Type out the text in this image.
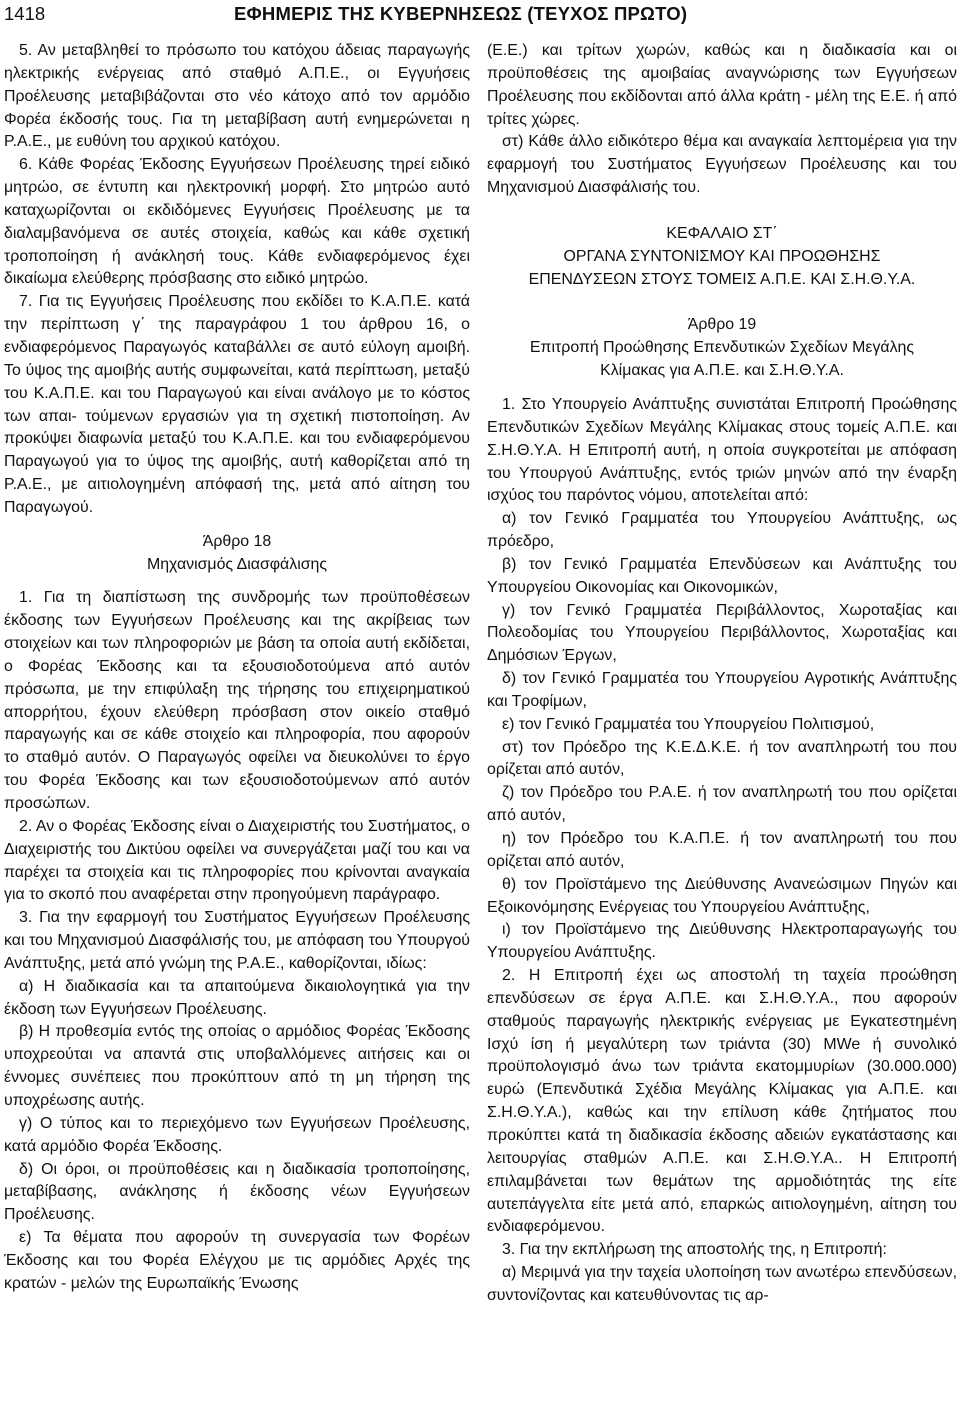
1418	ΕΦΗΜΕΡΙΣ ΤΗΣ ΚΥΒΕΡΝΗΣΕΩΣ (ΤΕΥΧΟΣ ΠΡΩΤΟ)

5. Αν μεταβληθεί το πρόσωπο του κατόχου άδειας παραγωγής ηλεκτρικής ενέργειας από σταθμό Α.Π.Ε., οι Εγγυήσεις Προέλευσης μεταβιβάζονται στο νέο κάτοχο από τον αρμόδιο Φορέα έκδοσής τους. Για τη μεταβίβαση αυτή ενημερώνεται η Ρ.Α.Ε., με ευθύνη του αρχικού κατόχου.

6. Κάθε Φορέας Έκδοσης Εγγυήσεων Προέλευσης τηρεί ειδικό μητρώο, σε έντυπη και ηλεκτρονική μορφή. Στο μητρώο αυτό καταχωρίζονται οι εκδιδόμενες Εγγυήσεις Προέλευσης με τα διαλαμβανόμενα σε αυτές στοιχεία, καθώς και κάθε σχετική τροποποίηση ή ανάκλησή τους. Κάθε ενδιαφερόμενος έχει δικαίωμα ελεύθερης πρόσβασης στο ειδικό μητρώο.

7. Για τις Εγγυήσεις Προέλευσης που εκδίδει το Κ.Α.Π.Ε. κατά την περίπτωση γ΄ της παραγράφου 1 του άρθρου 16, ο ενδιαφερόμενος Παραγωγός καταβάλλει σε αυτό εύλογη αμοιβή. Το ύψος της αμοιβής αυτής συμφωνείται, κατά περίπτωση, μεταξύ του Κ.Α.Π.Ε. και του Παραγωγού και είναι ανάλογο με το κόστος των απαι- τούμενων εργασιών για τη σχετική πιστοποίηση. Αν προκύψει διαφωνία μεταξύ του Κ.Α.Π.Ε. και του ενδιαφερόμενου Παραγωγού για το ύψος της αμοιβής, αυτή καθορίζεται από τη Ρ.Α.Ε., με αιτιολογημένη απόφασή της, μετά από αίτηση του Παραγωγού.

Άρθρο 18

Μηχανισμός Διασφάλισης

1. Για τη διαπίστωση της συνδρομής των προϋποθέσεων έκδοσης των Εγγυήσεων Προέλευσης και της ακρίβειας των στοιχείων και των πληροφοριών με βάση τα οποία αυτή εκδίδεται, ο Φορέας Έκδοσης και τα εξουσιοδοτούμενα από αυτόν πρόσωπα, με την επιφύλαξη της τήρησης του επιχειρηματικού απορρήτου, έχουν ελεύθερη πρόσβαση στον οικείο σταθμό παραγωγής και σε κάθε στοιχείο και πληροφορία, που αφορούν το σταθμό αυτόν. Ο Παραγωγός οφείλει να διευκολύνει το έργο του Φορέα Έκδοσης και των εξουσιοδοτούμενων από αυτόν προσώπων.

2. Αν ο Φορέας Έκδοσης είναι ο Διαχειριστής του Συστήματος, ο Διαχειριστής του Δικτύου οφείλει να συνεργάζεται μαζί του και να παρέχει τα στοιχεία και τις πληροφορίες που κρίνονται αναγκαία για το σκοπό που αναφέρεται στην προηγούμενη παράγραφο.

3. Για την εφαρμογή του Συστήματος Εγγυήσεων Προέλευσης και του Μηχανισμού Διασφάλισής του, με απόφαση του Υπουργού Ανάπτυξης, μετά από γνώμη της Ρ.Α.Ε., καθορίζονται, ιδίως:

α) Η διαδικασία και τα απαιτούμενα δικαιολογητικά για την έκδοση των Εγγυήσεων Προέλευσης.

β) Η προθεσμία εντός της οποίας ο αρμόδιος Φορέας Έκδοσης υποχρεούται να απαντά στις υποβαλλόμενες αιτήσεις και οι έννομες συνέπειες που προκύπτουν από τη μη τήρηση της υποχρέωσης αυτής.

γ) Ο τύπος και το περιεχόμενο των Εγγυήσεων Προέλευσης, κατά αρμόδιο Φορέα Έκδοσης.

δ) Οι όροι, οι προϋποθέσεις και η διαδικασία τροποποίησης, μεταβίβασης, ανάκλησης ή έκδοσης νέων Εγγυήσεων Προέλευσης.

ε) Τα θέματα που αφορούν τη συνεργασία των Φορέων Έκδοσης και του Φορέα Ελέγχου με τις αρμόδιες Αρχές της κρατών - μελών της Ευρωπαϊκής Ένωσης

(Ε.Ε.) και τρίτων χωρών, καθώς και η διαδικασία και οι προϋποθέσεις της αμοιβαίας αναγνώρισης των Εγγυήσεων Προέλευσης που εκδίδονται από άλλα κράτη - μέλη της Ε.Ε. ή από τρίτες χώρες.

στ) Κάθε άλλο ειδικότερο θέμα και αναγκαία λεπτομέρεια για την εφαρμογή του Συστήματος Εγγυήσεων Προέλευσης και του Μηχανισμού Διασφάλισής του.

ΚΕΦΑΛΑΙΟ ΣΤ΄

ΟΡΓΑΝΑ ΣΥΝΤΟΝΙΣΜΟΥ ΚΑΙ ΠΡΟΩΘΗΣΗΣ

ΕΠΕΝΔΥΣΕΩΝ ΣΤΟΥΣ ΤΟΜΕΙΣ Α.Π.Ε. ΚΑΙ Σ.Η.Θ.Υ.Α.

Άρθρο 19

Επιτροπή Προώθησης Επενδυτικών Σχεδίων Μεγάλης Κλίμακας για Α.Π.Ε. και Σ.Η.Θ.Υ.Α.

1. Στο Υπουργείο Ανάπτυξης συνιστάται Επιτροπή Προώθησης Επενδυτικών Σχεδίων Μεγάλης Κλίμακας στους τομείς Α.Π.Ε. και Σ.Η.Θ.Υ.Α. Η Επιτροπή αυτή, η οποία συγκροτείται με απόφαση του Υπουργού Ανάπτυξης, εντός τριών μηνών από την έναρξη ισχύος του παρόντος νόμου, αποτελείται από:

α) τον Γενικό Γραμματέα του Υπουργείου Ανάπτυξης, ως πρόεδρο,

β) τον Γενικό Γραμματέα Επενδύσεων και Ανάπτυξης του Υπουργείου Οικονομίας και Οικονομικών,

γ) τον Γενικό Γραμματέα Περιβάλλοντος, Χωροταξίας και Πολεοδομίας του Υπουργείου Περιβάλλοντος, Χωροταξίας και Δημόσιων Έργων,

δ) τον Γενικό Γραμματέα του Υπουργείου Αγροτικής Ανάπτυξης και Τροφίμων,

ε) τον Γενικό Γραμματέα του Υπουργείου Πολιτισμού,

στ) τον Πρόεδρο της Κ.Ε.Δ.Κ.Ε. ή τον αναπληρωτή του που ορίζεται από αυτόν,

ζ) τον Πρόεδρο του Ρ.Α.Ε. ή τον αναπληρωτή του που ορίζεται από αυτόν,

η) τον Πρόεδρο του Κ.Α.Π.Ε. ή τον αναπληρωτή του που ορίζεται από αυτόν,

θ) τον Προϊστάμενο της Διεύθυνσης Ανανεώσιμων Πηγών και Εξοικονόμησης Ενέργειας του Υπουργείου Ανάπτυξης,

ι) τον Προϊστάμενο της Διεύθυνσης Ηλεκτροπαραγωγής του Υπουργείου Ανάπτυξης.

2. Η Επιτροπή έχει ως αποστολή τη ταχεία προώθηση επενδύσεων σε έργα Α.Π.Ε. και Σ.Η.Θ.Υ.Α., που αφορούν σταθμούς παραγωγής ηλεκτρικής ενέργειας με Εγκατεστημένη Ισχύ ίση ή μεγαλύτερη των τριάντα (30) MWe ή συνολικό προϋπολογισμό άνω των τριάντα εκατομμυρίων (30.000.000) ευρώ (Επενδυτικά Σχέδια Μεγάλης Κλίμακας για Α.Π.Ε. και Σ.Η.Θ.Υ.Α.), καθώς και την επίλυση κάθε ζητήματος που προκύπτει κατά τη διαδικασία έκδοσης αδειών εγκατάστασης και λειτουργίας σταθμών Α.Π.Ε. και Σ.Η.Θ.Υ.Α.. Η Επιτροπή επιλαμβάνεται των θεμάτων της αρμοδιότητάς της είτε αυτεπάγγελτα είτε μετά από, επαρκώς αιτιολογημένη, αίτηση του ενδιαφερόμενου.

3. Για την εκπλήρωση της αποστολής της, η Επιτροπή:

α) Μεριμνά για την ταχεία υλοποίηση των ανωτέρω επενδύσεων, συντονίζοντας και κατευθύνοντας τις αρ-
